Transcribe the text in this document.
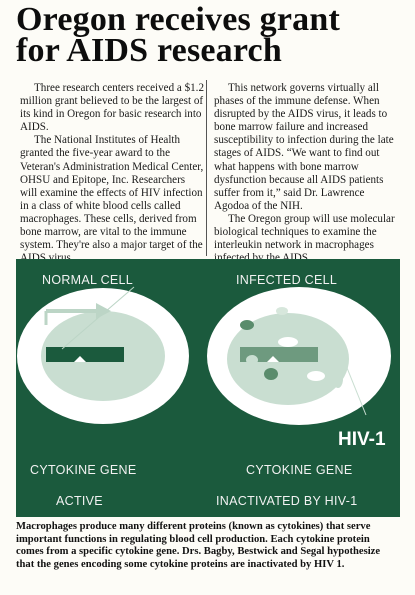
Oregon receives grant
for AIDS research

Three research centers received a $1.2 million grant believed to be the largest of its kind in Oregon for basic research into AIDS.

The National Institutes of Health granted the five-year award to the Veteran's Administration Medical Center, OHSU and Epitope, Inc. Researchers will examine the effects of HIV infection in a class of white blood cells called macrophages. These cells, derived from bone marrow, are vital to the immune system. They're also a major target of the

This network governs virtually all phases of the immune defense. When disrupted by the AIDS virus, it leads to bone marrow failure and increased susceptibility to infection during the late stages of AIDS. “We want to find out what happens with bone marrow dysfunction because all AIDS patients suffer from it,” said Dr. Lawrence Agodoa of the NIH.

The Oregon group will use molecular biological techniques to examine the interleukin network in macrophages

NORMAL CELL	INFECTED CELL
HIV-1
CYTOKINE GENE	CYTOKINE GENE
ACTIVE	INACTIVATED BY HIV-1

Macrophages produce many different proteins (known as cytokines) that serve important functions in regulating blood cell production. Each cytokine protein comes from a specific cytokine gene. Drs. Bagby, Bestwick and Segal hypothesize that the genes encoding some cytokine proteins are inactivated by HIV 1.
